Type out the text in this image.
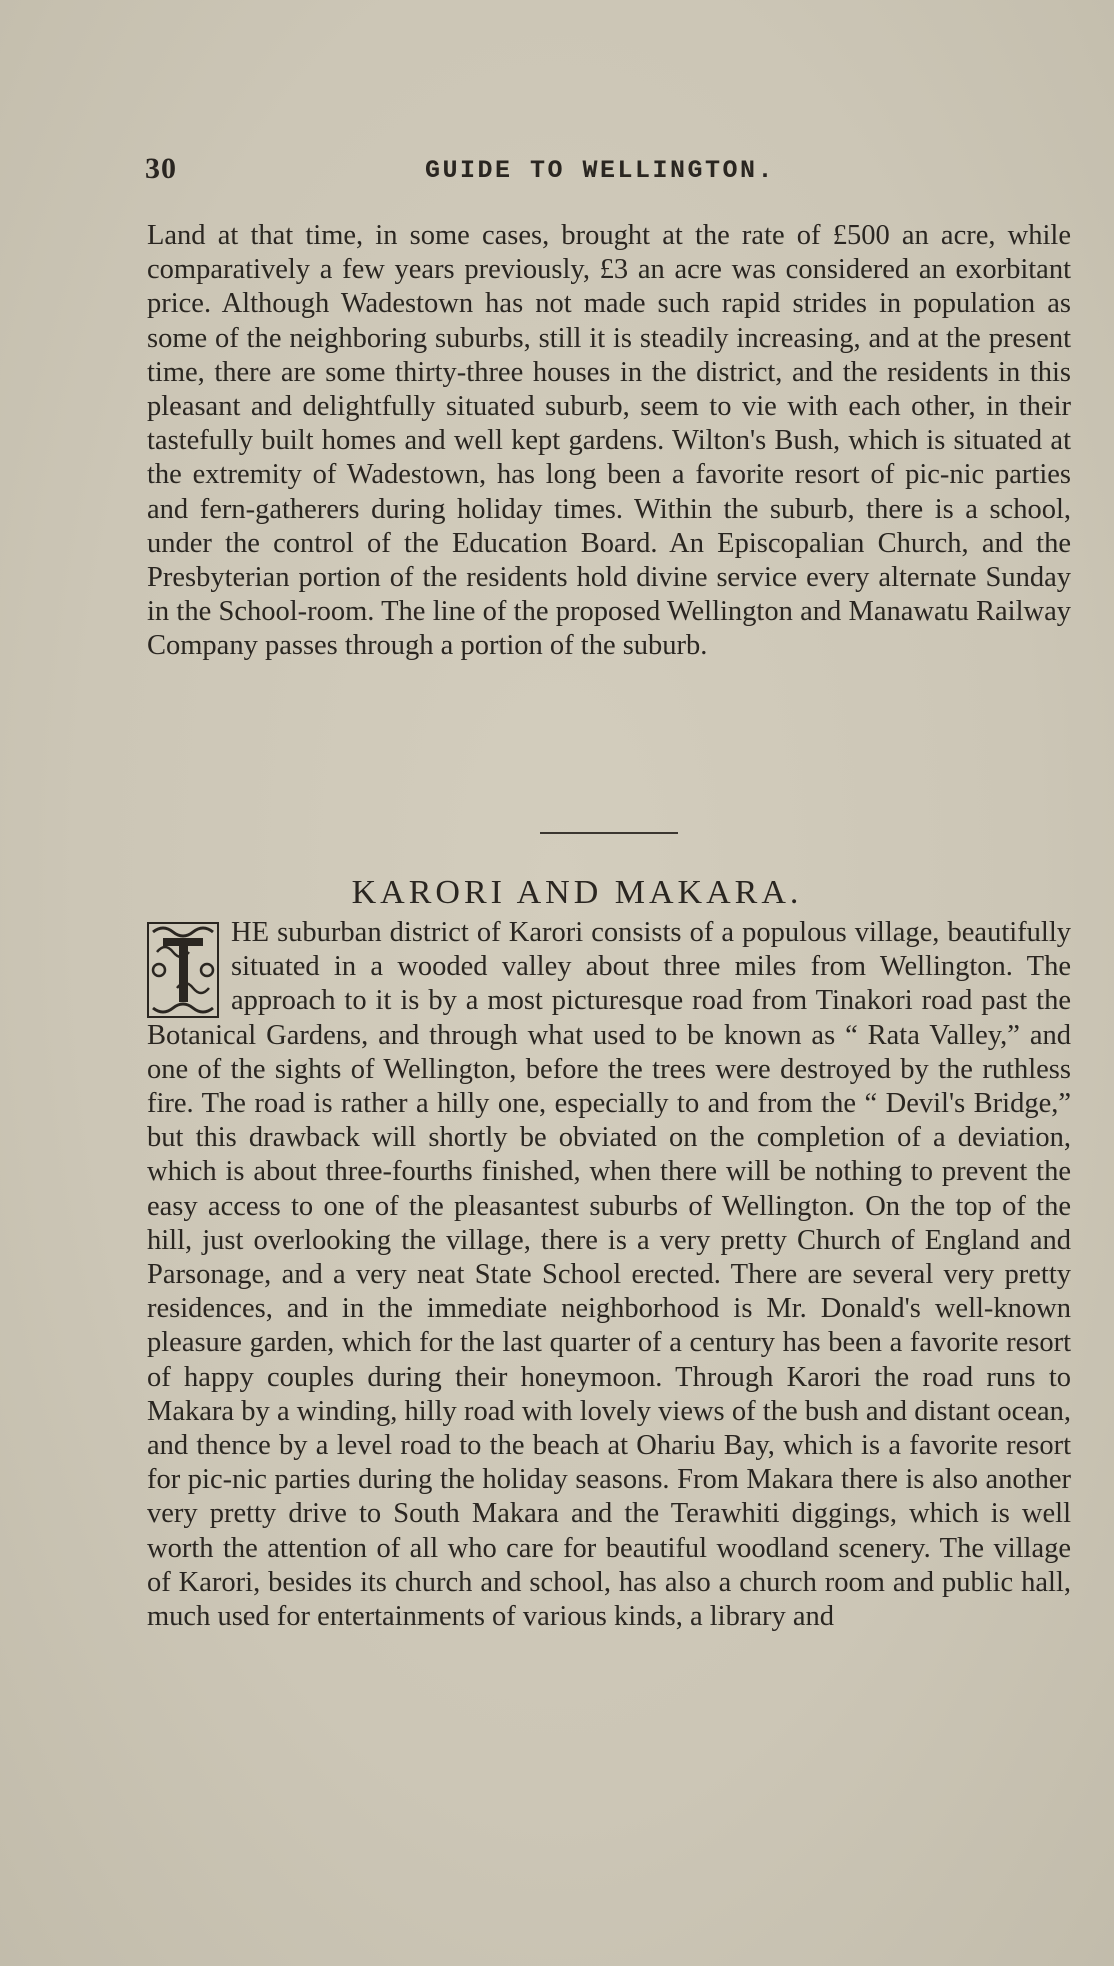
30	GUIDE TO WELLINGTON.
Land at that time, in some cases, brought at the rate of £500 an acre, while comparatively a few years previously, £3 an acre was considered an exorbitant price. Although Wadestown has not made such rapid strides in population as some of the neighboring suburbs, still it is steadily increasing, and at the present time, there are some thirty-three houses in the district, and the residents in this pleasant and delightfully situated suburb, seem to vie with each other, in their tastefully built homes and well kept gardens. Wilton's Bush, which is situated at the extremity of Wadestown, has long been a favorite resort of pic-nic parties and fern-gatherers during holiday times. Within the suburb, there is a school, under the control of the Education Board. An Episcopalian Church, and the Presbyterian portion of the residents hold divine service every alternate Sunday in the School-room. The line of the proposed Wellington and Manawatu Railway Company passes through a portion of the suburb.
KARORI AND MAKARA.

HE suburban district of Karori consists of a populous village, beautifully situated in a wooded valley about three miles from Wellington. The approach to it is by a most picturesque road from Tinakori road past the Botanical Gardens, and through what used to be known as “ Rata Valley,” and one of the sights of Wellington, before the trees were destroyed by the ruthless fire. The road is rather a hilly one, especially to and from the “ Devil's Bridge,” but this drawback will shortly be obviated on the completion of a deviation, which is about three-fourths finished, when there will be nothing to prevent the easy access to one of the pleasantest suburbs of Wellington. On the top of the hill, just overlooking the village, there is a very pretty Church of England and Parsonage, and a very neat State School erected. There are several very pretty residences, and in the immediate neighborhood is Mr. Donald's well-known pleasure garden, which for the last quarter of a century has been a favorite resort of happy couples during their honeymoon. Through Karori the road runs to Makara by a winding, hilly road with lovely views of the bush and distant ocean, and thence by a level road to the beach at Ohariu Bay, which is a favorite resort for pic-nic parties during the holiday seasons. From Makara there is also another very pretty drive to South Makara and the Terawhiti diggings, which is well worth the attention of all who care for beautiful woodland scenery. The village of Karori, besides its church and school, has also a church room and public hall, much used for entertainments of various kinds, a library and
